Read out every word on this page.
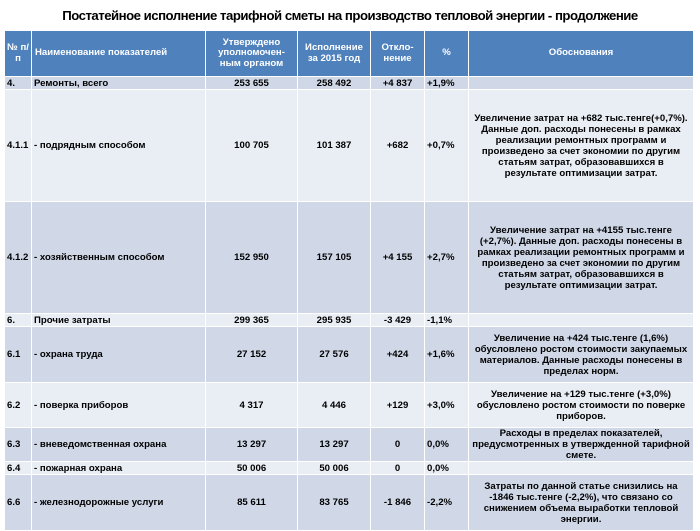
Постатейное исполнение тарифной сметы на производство тепловой энергии - продолжение
№ п/п	Наименование показателей	Утверждено уполномочен-ным органом	Исполнение за 2015 год	Откло-нение	%	Обоснования
4.	Ремонты, всего	253 655	258 492	+4 837	+1,9%	
4.1.1	- подрядным способом	100 705	101 387	+682	+0,7%	Увеличение затрат на +682 тыс.тенге(+0,7%). Данные доп. расходы понесены в рамках реализации ремонтных программ и произведено за счет экономии по другим статьям затрат, образовавшихся в результате оптимизации затрат.
4.1.2	- хозяйственным способом	152 950	157 105	+4 155	+2,7%	Увеличение затрат на +4155 тыс.тенге (+2,7%). Данные доп. расходы понесены в рамках реализации ремонтных программ и произведено за счет экономии по другим статьям затрат, образовавшихся в результате оптимизации затрат.
6.	Прочие затраты	299 365	295 935	-3 429	-1,1%	
6.1	- охрана труда	27 152	27 576	+424	+1,6%	Увеличение на +424 тыс.тенге (1,6%) обусловлено ростом стоимости закупаемых материалов. Данные расходы понесены в пределах норм.
6.2	- поверка приборов	4 317	4 446	+129	+3,0%	Увеличение на +129 тыс.тенге (+3,0%) обусловлено ростом стоимости по поверке приборов.
6.3	- вневедомственная охрана	13 297	13 297	0	0,0%	Расходы в пределах показателей, предусмотренных в утвержденной тарифной смете.
6.4	- пожарная охрана	50 006	50 006	0	0,0%	
6.6	- железнодорожные услуги	85 611	83 765	-1 846	-2,2%	Затраты по данной статье снизились на -1846 тыс.тенге (-2,2%), что связано со снижением объема выработки тепловой энергии.
